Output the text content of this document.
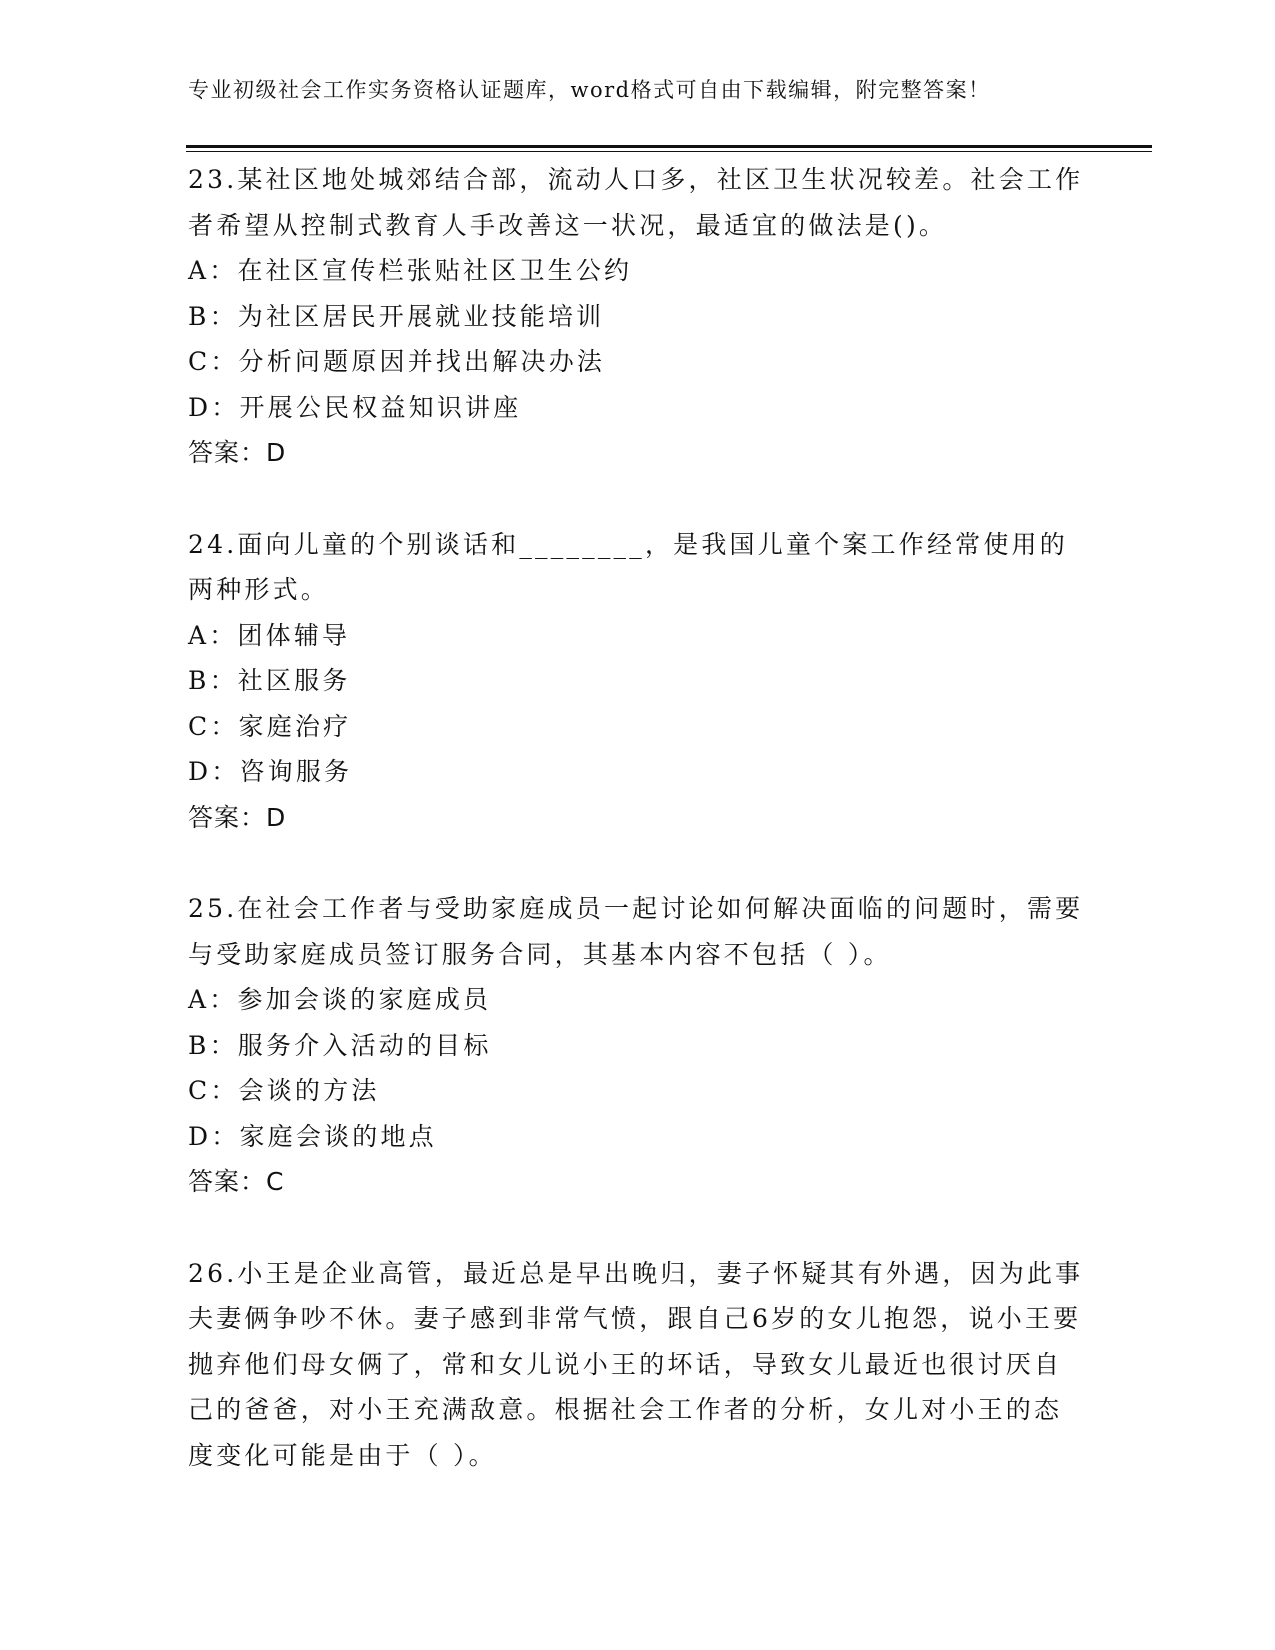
专业初级社会工作实务资格认证题库，word格式可自由下载编辑，附完整答案！

23.某社区地处城郊结合部，流动人口多，社区卫生状况较差。社会工作者希望从控制式教育人手改善这一状况，最适宜的做法是()。

A：在社区宣传栏张贴社区卫生公约

B：为社区居民开展就业技能培训

C：分析问题原因并找出解决办法

D：开展公民权益知识讲座

答案：D

24.面向儿童的个别谈话和________，是我国儿童个案工作经常使用的两种形式。

A：团体辅导

B：社区服务

C：家庭治疗

D：咨询服务

答案：D

25.在社会工作者与受助家庭成员一起讨论如何解决面临的问题时，需要与受助家庭成员签订服务合同，其基本内容不包括（ ）。

A：参加会谈的家庭成员

B：服务介入活动的目标

C：会谈的方法

D：家庭会谈的地点

答案：C

26.小王是企业高管，最近总是早出晚归，妻子怀疑其有外遇，因为此事夫妻俩争吵不休。妻子感到非常气愤，跟自己6岁的女儿抱怨，说小王要抛弃他们母女俩了，常和女儿说小王的坏话，导致女儿最近也很讨厌自己的爸爸，对小王充满敌意。根据社会工作者的分析，女儿对小王的态度变化可能是由于（ ）。
